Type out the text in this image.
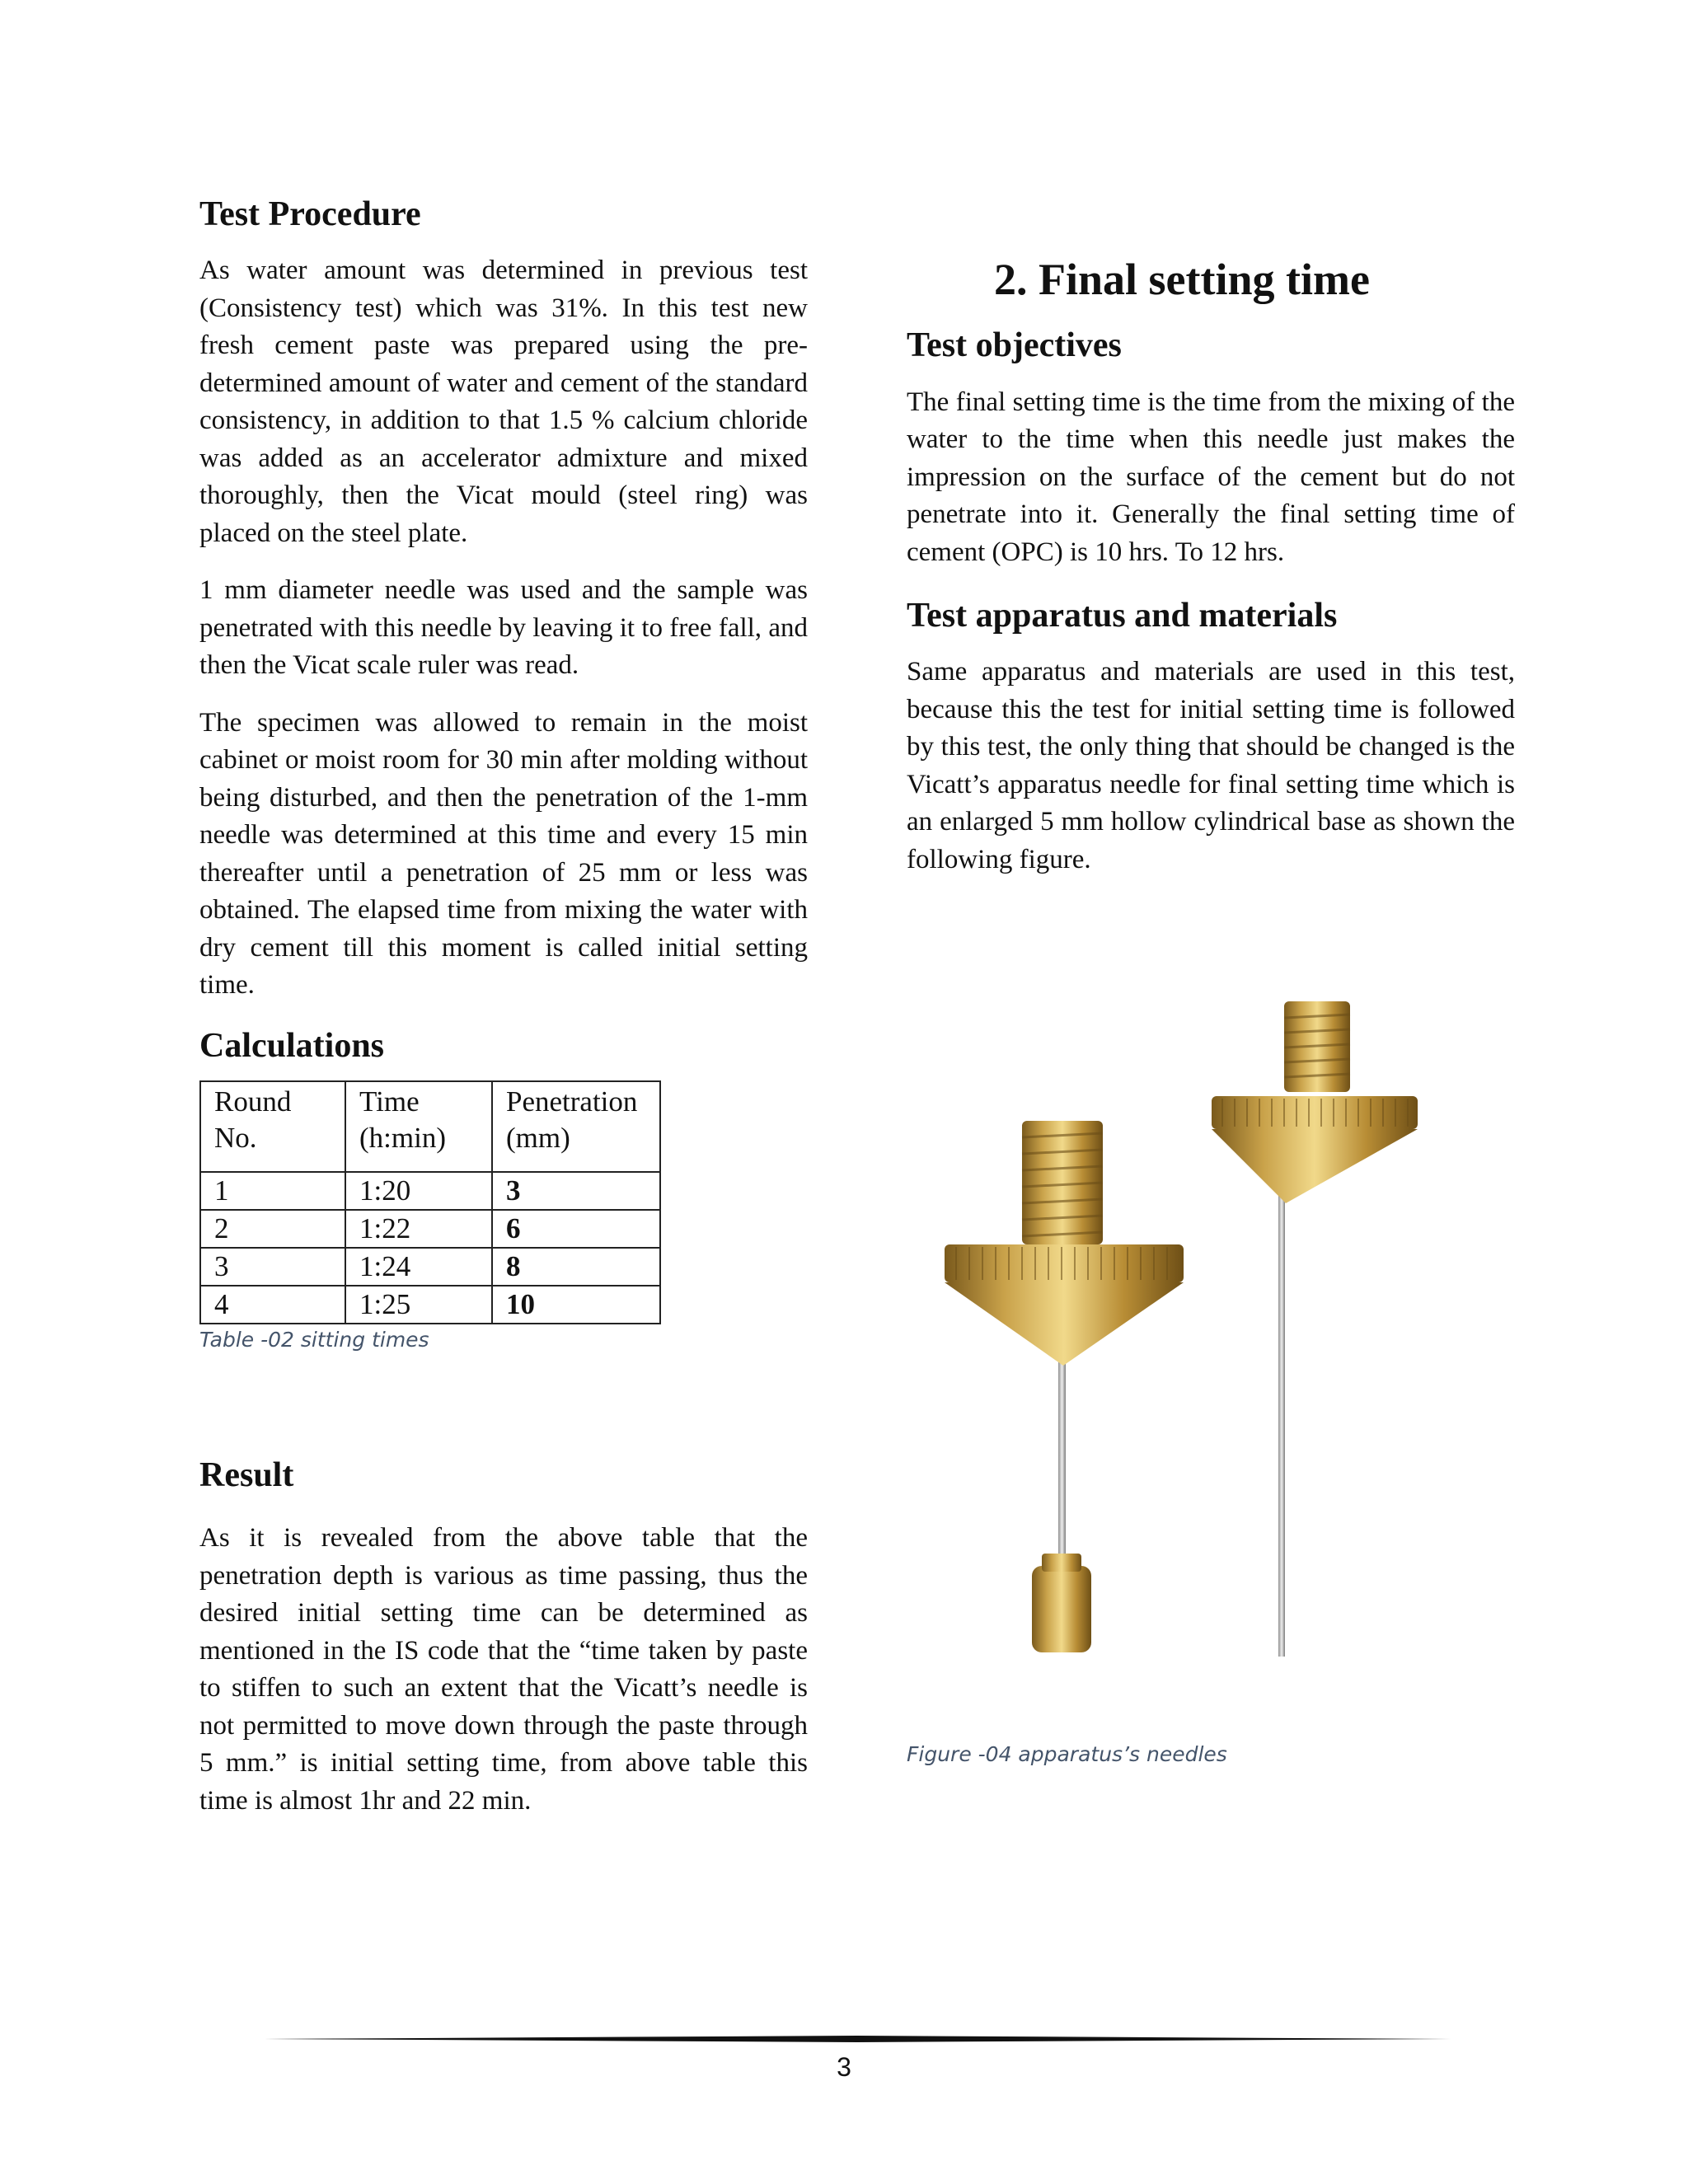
Test Procedure

As water amount was determined in previous test (Consistency test) which was 31%. In this test new fresh cement paste was prepared using the pre-determined amount of water and cement of the standard consistency, in addition to that 1.5 % calcium chloride was added as an accelerator admixture and mixed thoroughly, then the Vicat mould (steel ring) was placed on the steel plate.

1 mm diameter needle was used and the sample was penetrated with this needle by leaving it to free fall, and then the Vicat scale ruler was read.

The specimen was allowed to remain in the moist cabinet or moist room for 30 min after molding without being disturbed, and then the penetration of the 1-mm needle was determined at this time and every 15 min thereafter until a penetration of 25 mm or less was obtained. The elapsed time from mixing the water with dry cement till this moment is called initial setting time.

Calculations
Round No.	Time (h:min)	Penetration (mm)
1	1:20	3
2	1:22	6
3	1:24	8
4	1:25	10
Table -02 sitting times
Result

As it is revealed from the above table that the penetration depth is various as time passing, thus the desired initial setting time can be determined as mentioned in the IS code that the “time taken by paste to stiffen to such an extent that the Vicatt’s needle is not permitted to move down through the paste through 5 mm.” is initial setting time, from above table this time is almost 1hr and 22 min.

2. Final setting time
Test objectives

The final setting time is the time from the mixing of the water to the time when this needle just makes the impression on the surface of the cement but do not penetrate into it. Generally the final setting time of cement (OPC) is 10 hrs. To 12 hrs.

Test apparatus and materials

Same apparatus and materials are used in this test, because this the test for initial setting time is followed by this test, the only thing that should be changed is the Vicatt’s apparatus needle for final setting time which is an enlarged 5 mm hollow cylindrical base as shown the following figure.

Figure -04 apparatus’s needles
3
